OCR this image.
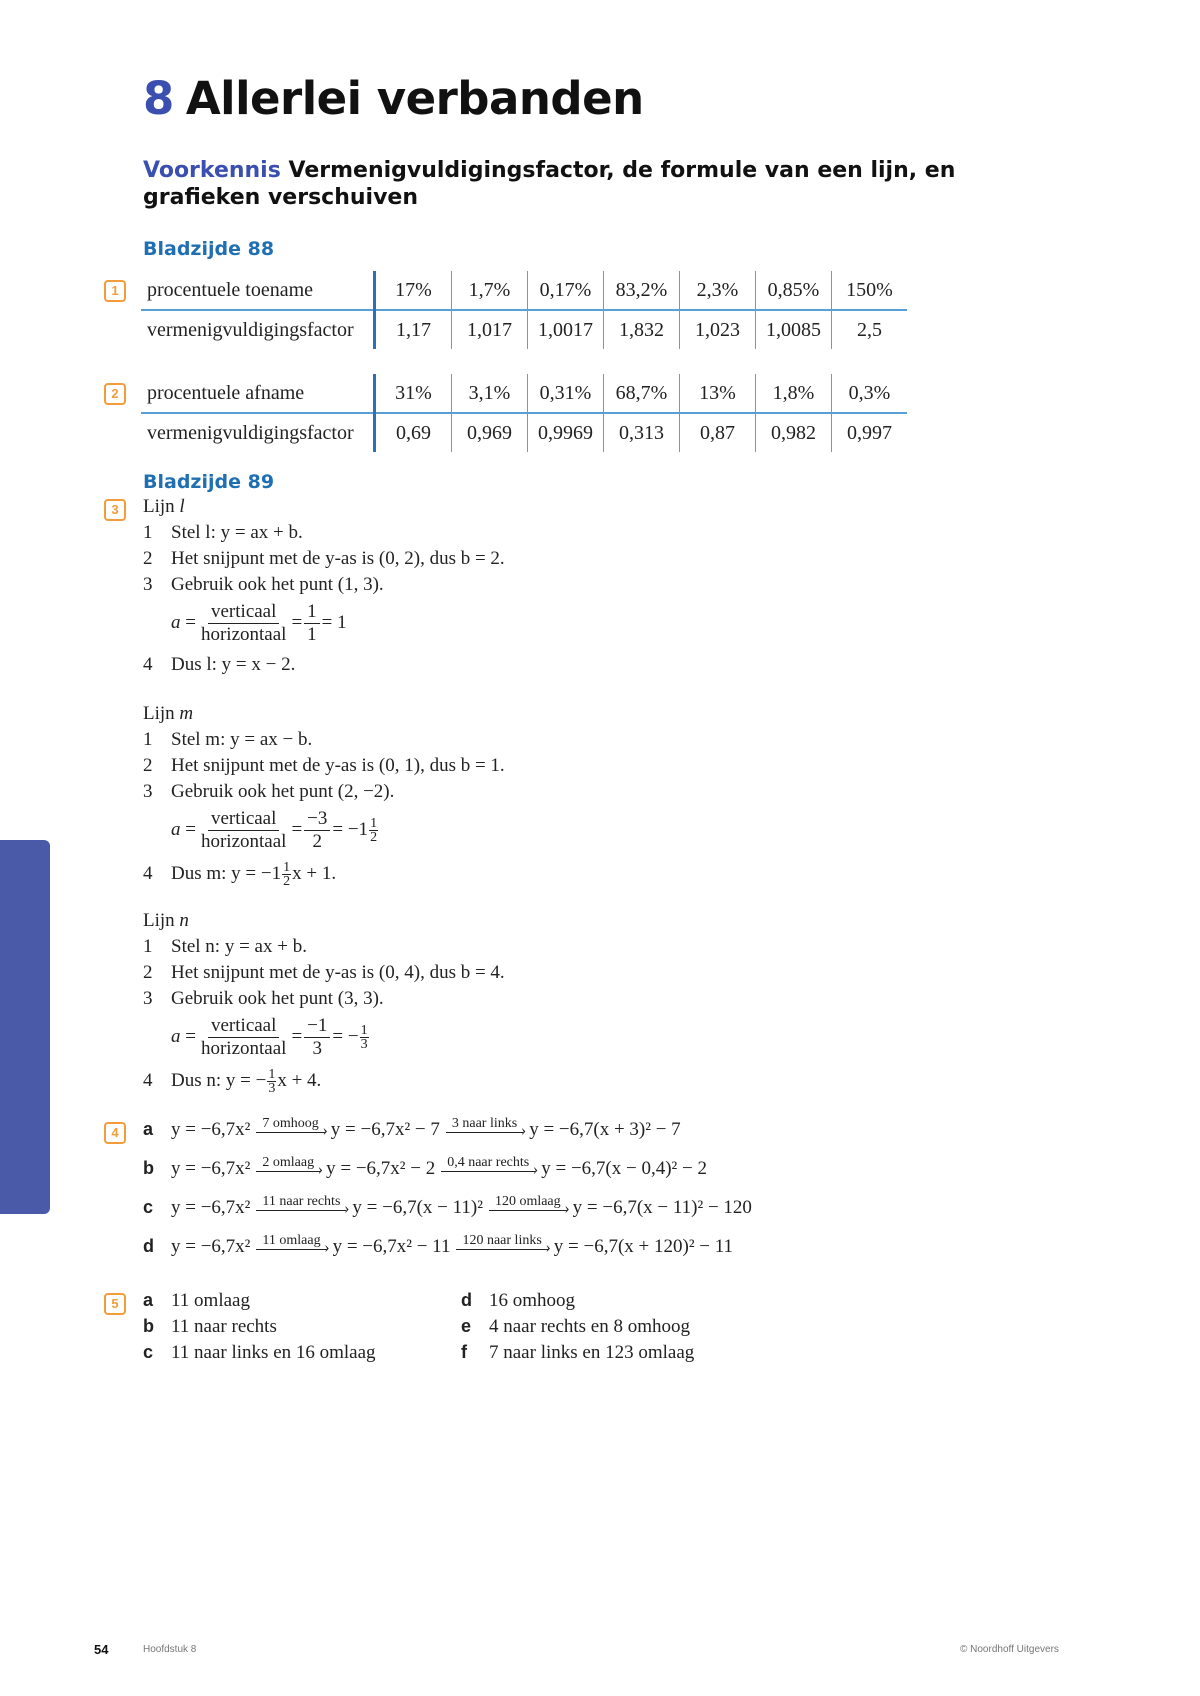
8 Allerlei verbanden
Voorkennis Vermenigvuldigingsfactor, de formule van een lijn, en grafieken verschuiven
Bladzijde 88
1	procentuele toename	17%	1,7%	0,17%	83,2%	2,3%	0,85%	150%
vermenigvuldigingsfactor	1,17	1,017	1,0017	1,832	1,023	1,0085	2,5
2	procentuele afname	31%	3,1%	0,31%	68,7%	13%	1,8%	0,3%
vermenigvuldigingsfactor	0,69	0,969	0,9969	0,313	0,87	0,982	0,997
Bladzijde 89
3	Lijn l
1 Stel l: y = ax + b.
2 Het snijpunt met de y-as is (0, 2), dus b = 2.
3 Gebruik ook het punt (1, 3).
$a = \frac{\text{verticaal}}{\text{horizontaal}} = \frac{1}{1} = 1$
4 Dus l: y = x − 2.
Lijn m
1 Stel m: y = ax − b.
2 Het snijpunt met de y-as is (0, 1), dus b = 1.
3 Gebruik ook het punt (2, −2).
$a = \frac{\text{verticaal}}{\text{horizontaal}} = \frac{-3}{2} = -1 \frac{1}{2}$
4 Dus m: $y = -1 \frac{1}{2}$ x + 1.
Lijn n
1 Stel n: y = ax + b.
2 Het snijpunt met de y-as is (0, 4), dus b = 4.
3 Gebruik ook het punt (3, 3).
$a = \frac{\text{verticaal}}{\text{horizontaal}} = \frac{-1}{3}$ = − $\frac{1}{3}$
4 Dus n: y = − $\frac{1}{3}$ x + 4.
4	a y = −6,7x² 7 omhoog › y = −6,7x² − 7 3 naar links › y = −6,7(x + 3)² − 7
b y = −6,7x² 2 omlaag › y = −6,7x² − 2 0,4 naar rechts › y = −6,7(x − 0,4)² − 2
c y = −6,7x² 11 naar rechts › y = −6,7(x − 11)² 120 omlaag › y = −6,7(x − 11)² − 120
d y = −6,7x² 11 omlaag › y = −6,7x² − 11 120 naar links › y = −6,7(x + 120)² − 11
5	a 11 omlaag
b 11 naar rechts
c 11 naar links en 16 omlaag
d 16 omhoog
e 4 naar rechts en 8 omhoog
f 7 naar links en 123 omlaag
54	Hoofdstuk 8	© Noordhoff Uitgevers
